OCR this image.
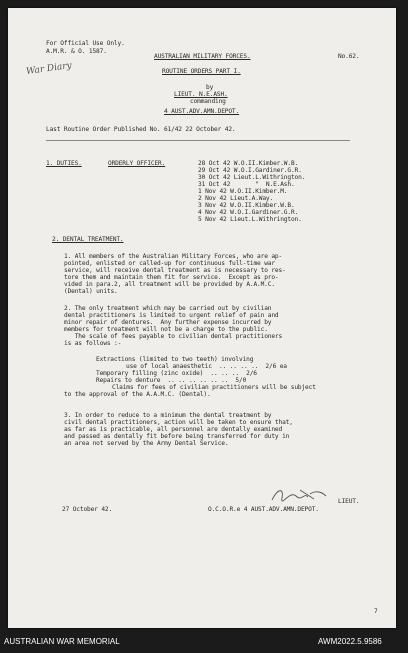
For Official Use Only.
A.M.R. & O. 1587.
War Diary
AUSTRALIAN MILITARY FORCES.	No.62.
ROUTINE ORDERS PART I.
by
LIEUT. N.E.ASH.
commanding
4 AUST.ADV.AMN.DEPOT.
Last Routine Order Published No. 61/42 22 October 42.
1. DUTIES.	ORDERLY OFFICER.	28 Oct 42 W.O.II.Kimber.W.B.
29 Oct 42 W.O.I.Gardiner.G.R.
30 Oct 42 Lieut.L.Withrington.
31 Oct 42       "  N.E.Ash.
1 Nov 42 W.O.II.Kimber.M.
2 Nov 42 Lieut.A.Way.
3 Nov 42 W.O.II.Kimber.W.B.
4 Nov 42 W.O.I.Gardiner.G.R.
5 Nov 42 Lieut.L.Withrington.
2. DENTAL TREATMENT.
1. All members of the Australian Military Forces, who are ap-
pointed, enlisted or called-up for continuous full-time war
service, will receive dental treatment as is necessary to res-
tore them and maintain them fit for service.  Except as pro-
vided in para.2, all treatment will be provided by A.A.M.C.
(Dental) units.
2. The only treatment which may be carried out by civilian
dental practitioners is limited to urgent relief of pain and
minor repair of dentures.  Any further expense incurred by
members for treatment will not be a charge to the public.
The scale of fees payable to civilian dental practitioners
is as follows :-
Extractions (limited to two teeth) involving
use of local anaesthetic  .. .. .. ..  2/6 ea
Temporary filling (zinc oxide)  .. .. ..  2/6
Repairs to denture  .. .. .. .. .. ..  5/0
Claims for fees of civilian practitioners will be subject
to the approval of the A.A.M.C. (Dental).
3. In order to reduce to a minimum the dental treatment by
civil dental practitioners, action will be taken to ensure that,
as far as is practicable, all personnel are dentally examined
and passed as dentally fit before being transferred for duty in
an area not served by the Army Dental Service.
LIEUT.
27 October 42.	O.C.O.R.e 4 AUST.ADV.AMN.DEPOT.
7
AUSTRALIAN WAR MEMORIAL	AWM2022.5.9586
